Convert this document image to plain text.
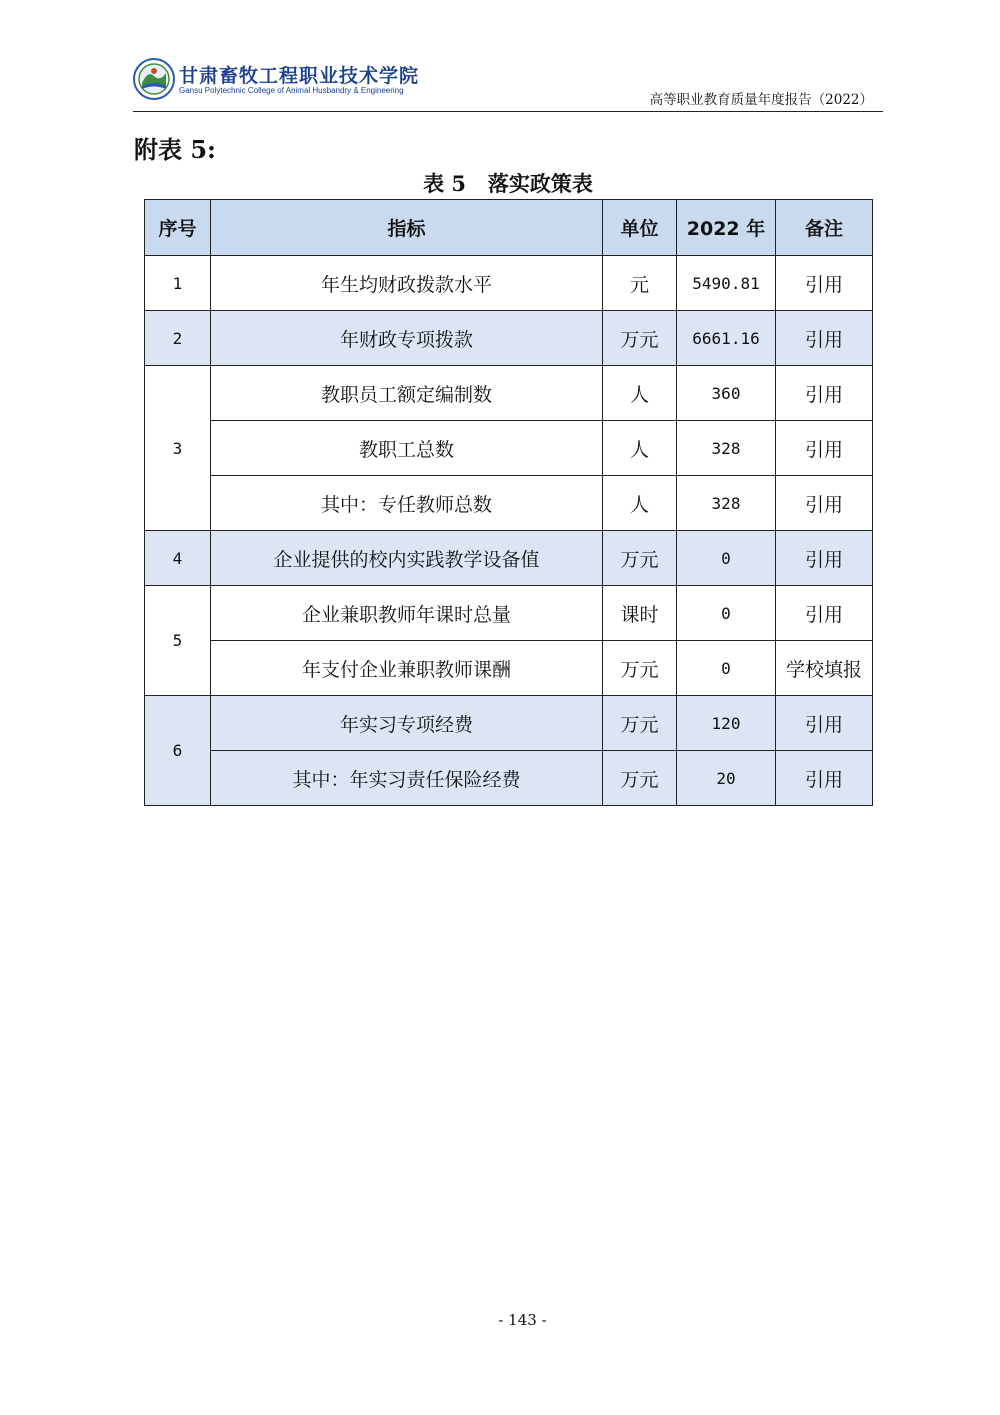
甘肃畜牧工程职业技术学院
Gansu Polytechnic College of Animal Husbandry & Engineering
高等职业教育质量年度报告（2022）
附表 5:
表 5   落实政策表
序号	指标	单位	2022 年	备注
1	年生均财政拨款水平	元	5490.81	引用
2	年财政专项拨款	万元	6661.16	引用
3	教职员工额定编制数	人	360	引用
	教职工总数	人	328	引用
	其中：专任教师总数	人	328	引用
4	企业提供的校内实践教学设备值	万元	0	引用
5	企业兼职教师年课时总量	课时	0	引用
	年支付企业兼职教师课酬	万元	0	学校填报
6	年实习专项经费	万元	120	引用
	其中：年实习责任保险经费	万元	20	引用
- 143 -
